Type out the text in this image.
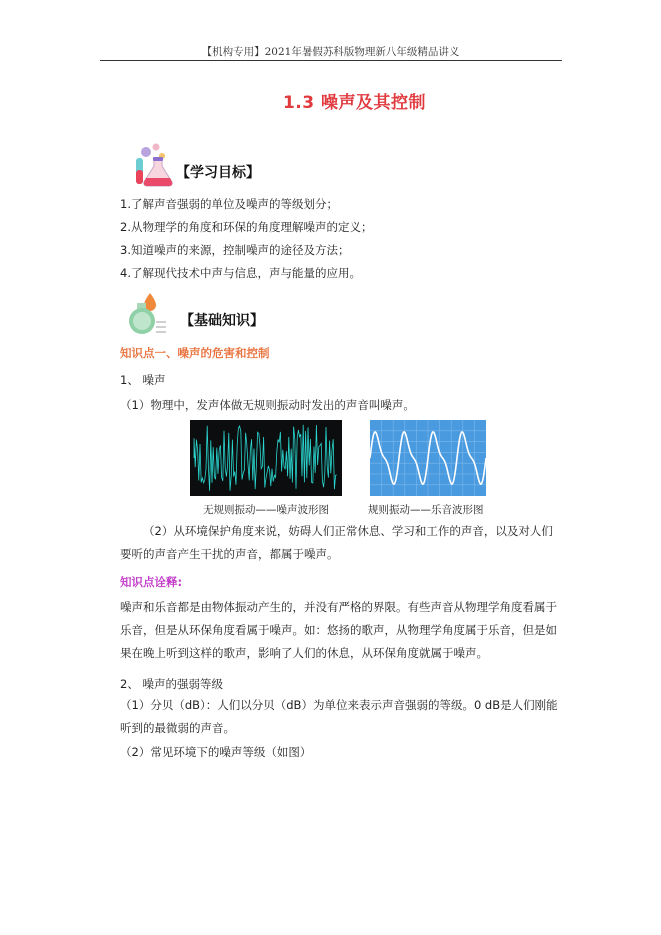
【机构专用】2021年暑假苏科版物理新八年级精品讲义
1.3 噪声及其控制
【学习目标】
1.了解声音强弱的单位及噪声的等级划分；
2.从物理学的角度和环保的角度理解噪声的定义；
3.知道噪声的来源，控制噪声的途径及方法；
4.了解现代技术中声与信息，声与能量的应用。
【基础知识】
知识点一、噪声的危害和控制
1、 噪声
（1）物理中，发声体做无规则振动时发出的声音叫噪声。
无规则振动——噪声波形图	规则振动——乐音波形图
（2）从环境保护角度来说，妨碍人们正常休息、学习和工作的声音，以及对人们要听的声音产生干扰的声音，都属于噪声。
知识点诠释:
噪声和乐音都是由物体振动产生的，并没有严格的界限。有些声音从物理学角度看属于乐音，但是从环保角度看属于噪声。如：悠扬的歌声，从物理学角度属于乐音，但是如果在晚上听到这样的歌声，影响了人们的休息，从环保角度就属于噪声。
2、 噪声的强弱等级
（1）分贝（dB）：人们以分贝（dB）为单位来表示声音强弱的等级。0 dB是人们刚能听到的最微弱的声音。
（2）常见环境下的噪声等级（如图）
